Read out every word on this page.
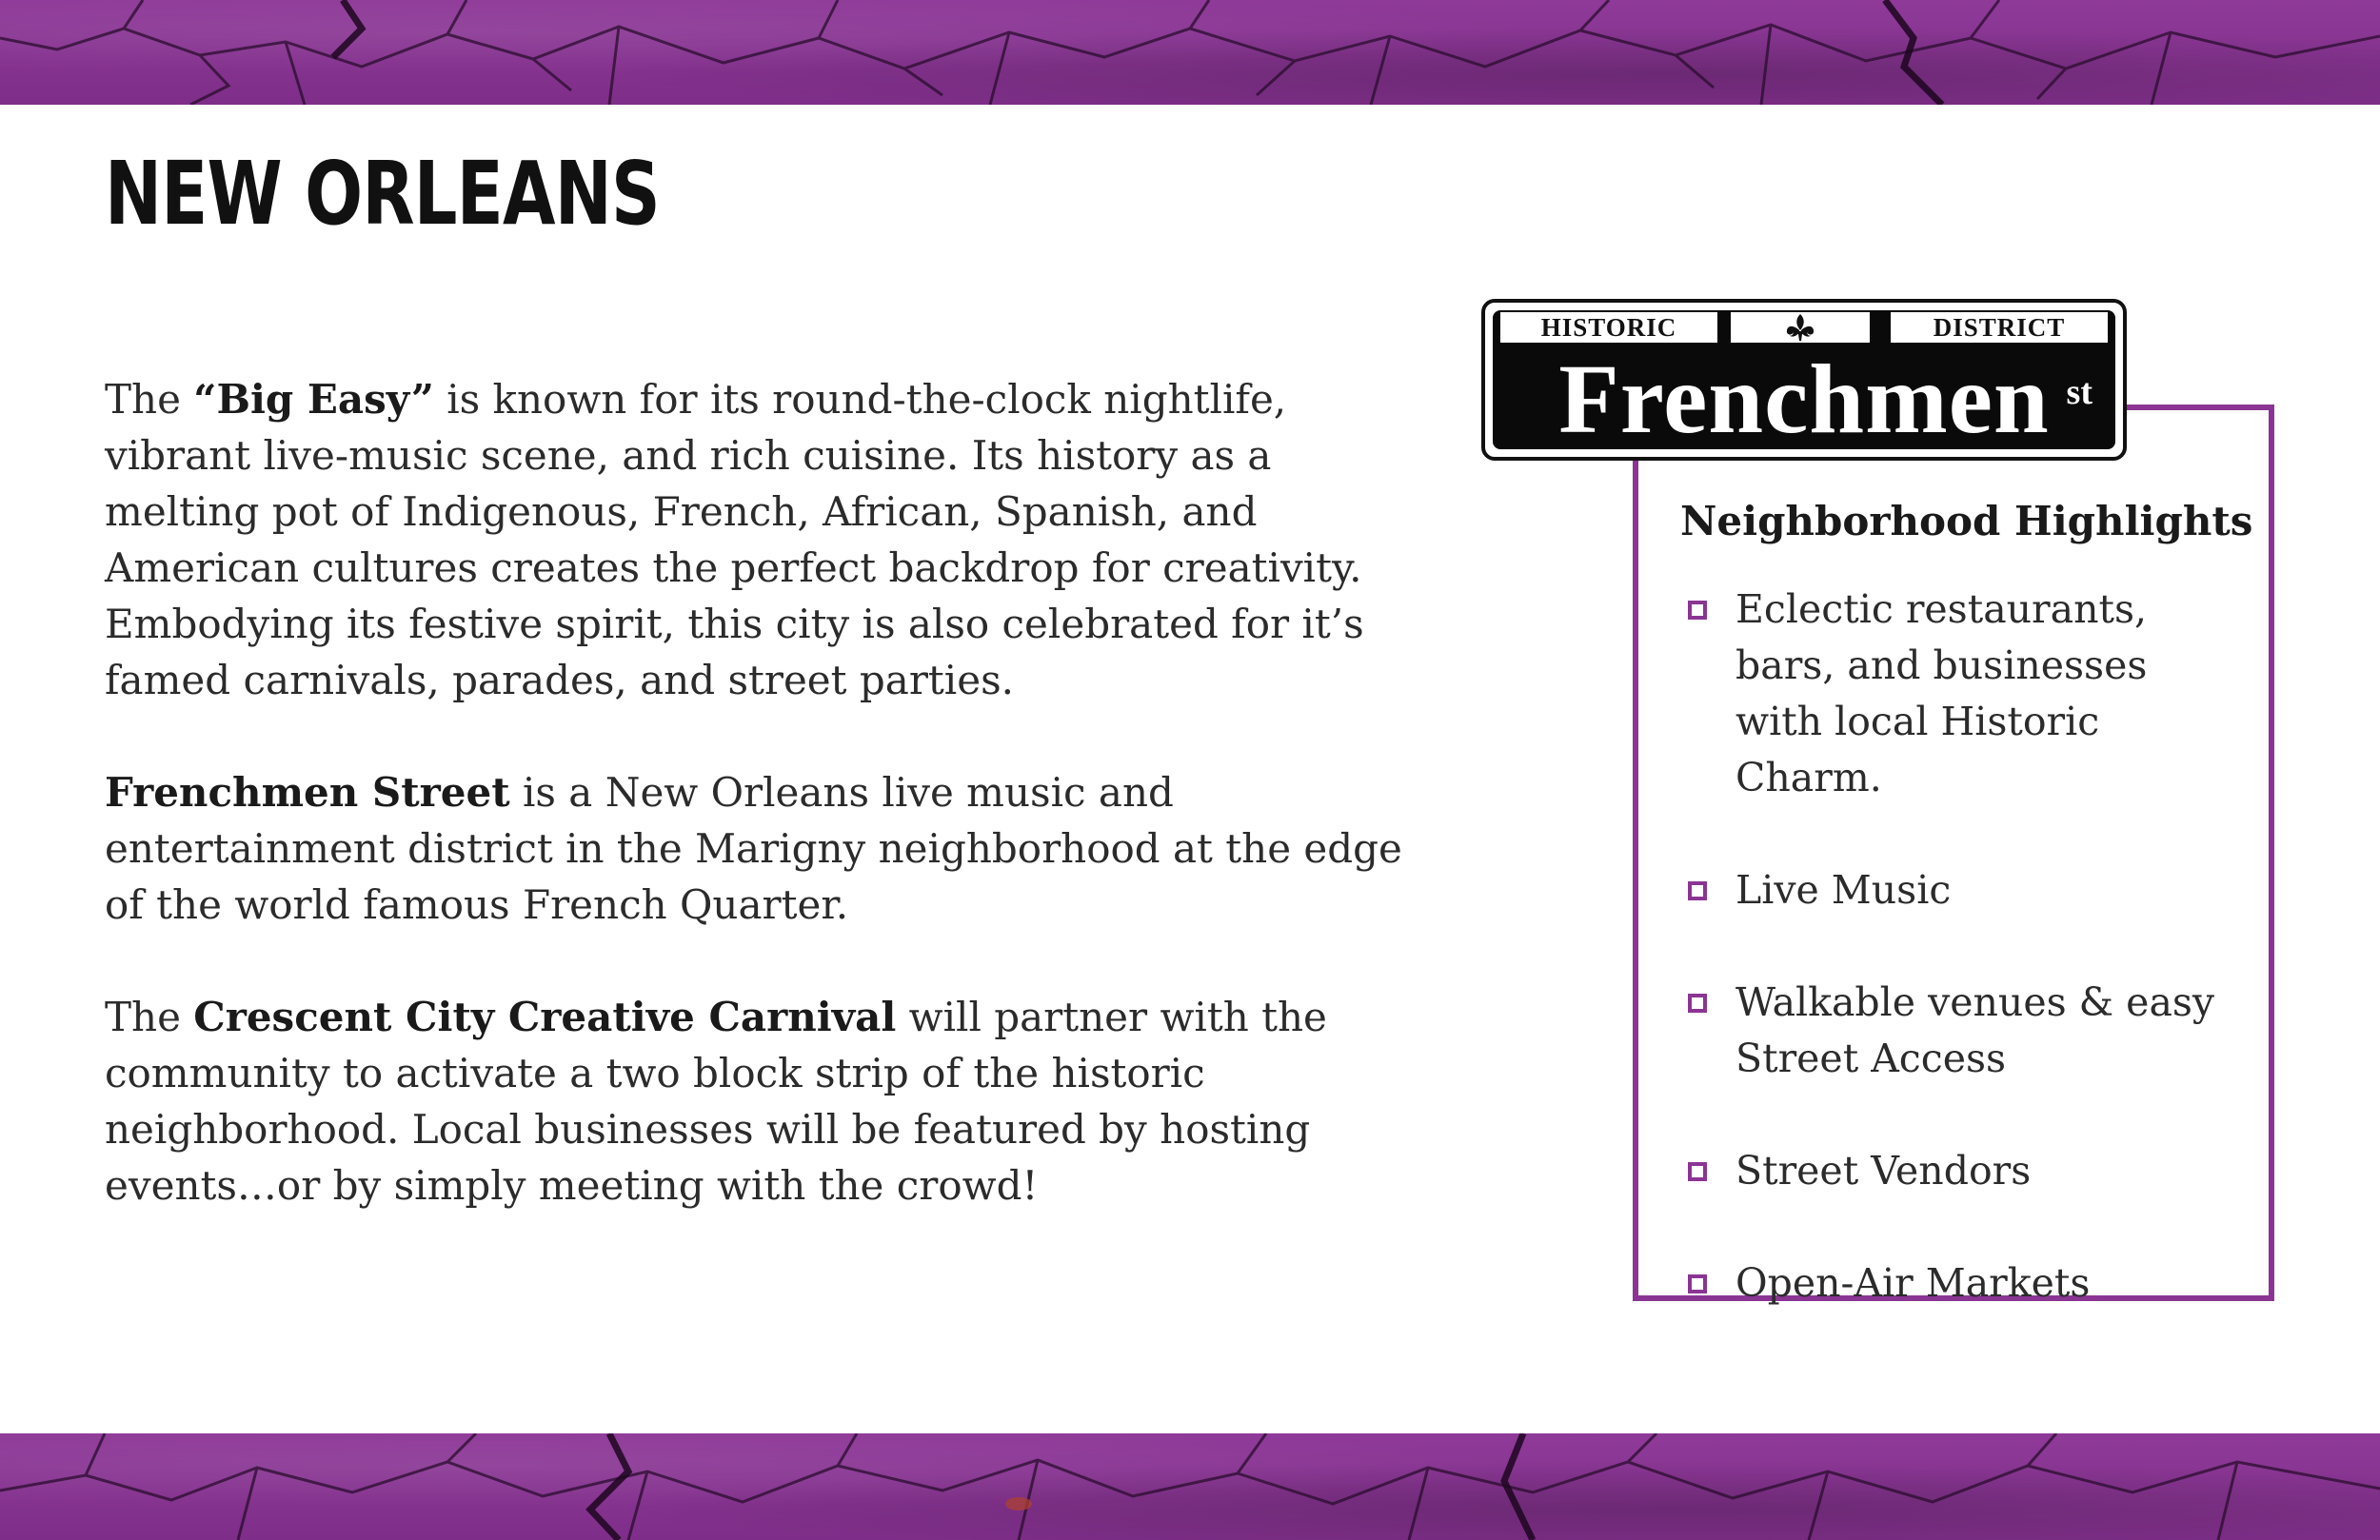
NEW ORLEANS

The “Big Easy” is known for its round-the-clock nightlife, vibrant live-music scene, and rich cuisine. Its history as a melting pot of Indigenous, French, African, Spanish, and American cultures creates the perfect backdrop for creativity. Embodying its festive spirit, this city is also celebrated for it’s famed carnivals, parades, and street parties.

Frenchmen Street is a New Orleans live music and entertainment district in the Marigny neighborhood at the edge of the world famous French Quarter.

The Crescent City Creative Carnival will partner with the community to activate a two block strip of the historic neighborhood. Local businesses will be featured by hosting events…or by simply meeting with the crowd!

HISTORIC	DISTRICT
Frenchmen st
Neighborhood Highlights
Eclectic restaurants, bars, and businesses with local Historic Charm.
Live Music
Walkable venues & easy Street Access
Street Vendors
Open-Air Markets
